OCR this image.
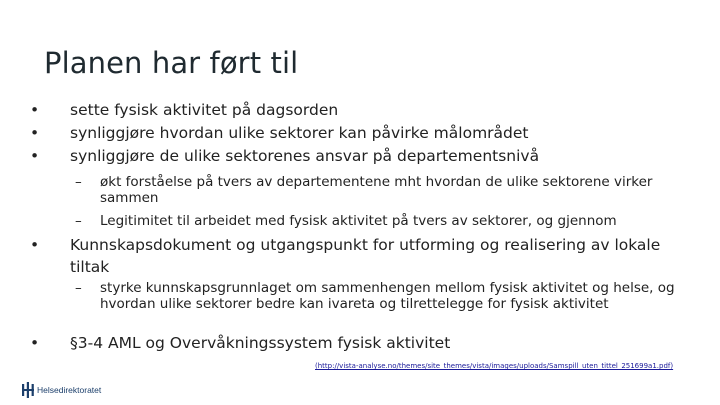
Planen har ført til
• sette fysisk aktivitet på dagsorden
• synliggjøre hvordan ulike sektorer kan påvirke målområdet
• synliggjøre de ulike sektorenes ansvar på departementsnivå
– økt forståelse på tvers av departementene mht hvordan de ulike sektorene virker sammen
– Legitimitet til arbeidet med fysisk aktivitet på tvers av sektorer, og gjennom
• Kunnskapsdokument og utgangspunkt for utforming og realisering av lokale tiltak
– styrke kunnskapsgrunnlaget om sammenhengen mellom fysisk aktivitet og helse, og hvordan ulike sektorer bedre kan ivareta og tilrettelegge for fysisk aktivitet
• §3-4 AML og Overvåkningssystem fysisk aktivitet
(http://vista-analyse.no/themes/site_themes/vista/images/uploads/Samspill_uten_tittel_251699a1.pdf)
Helsedirektoratet
